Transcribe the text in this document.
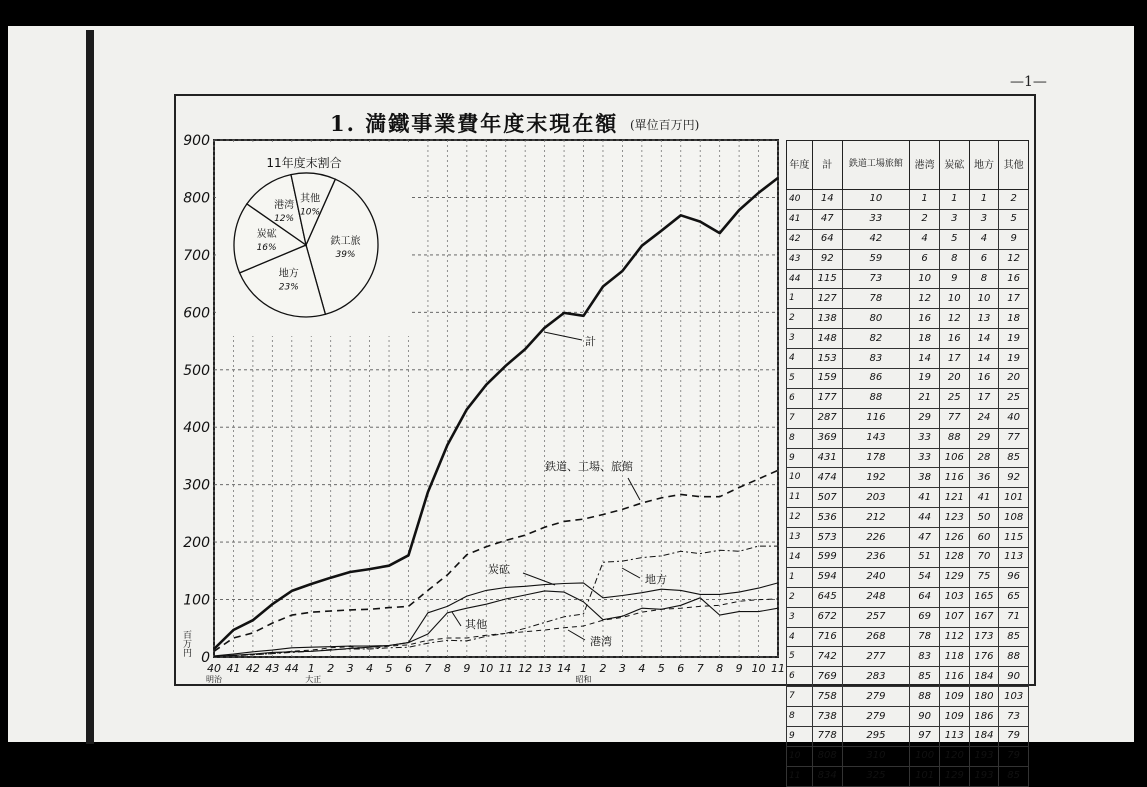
—1—
1. 満鐵事業費年度末現在額 (單位百万円)
0
100
200
300
400
500
600
700
800
900
百万円
40 41 42 43 44 1 2 3 4 5 6 7 8 9 10 11 12 13 14 1 2 3 4 5 6 7 8 9 10 11
明治	大正	昭和
計
鉄道、工場、旅館
炭砿
地方
其他
港湾
11年度末割合
鉄工旅
39%
地方
23%
炭砿
16%
港湾
12%
其他
10%
年度	計	鉄道工場旅館	港湾	炭砿	地方	其他
40	14	10	1	1	1	2
41	47	33	2	3	3	5
42	64	42	4	5	4	9
43	92	59	6	8	6	12
44	115	73	10	9	8	16
1	127	78	12	10	10	17
2	138	80	16	12	13	18
3	148	82	18	16	14	19
4	153	83	14	17	14	19
5	159	86	19	20	16	20
6	177	88	21	25	17	25
7	287	116	29	77	24	40
8	369	143	33	88	29	77
9	431	178	33	106	28	85
10	474	192	38	116	36	92
11	507	203	41	121	41	101
12	536	212	44	123	50	108
13	573	226	47	126	60	115
14	599	236	51	128	70	113
1	594	240	54	129	75	96
2	645	248	64	103	165	65
3	672	257	69	107	167	71
4	716	268	78	112	173	85
5	742	277	83	118	176	88
6	769	283	85	116	184	90
7	758	279	88	109	180	103
8	738	279	90	109	186	73
9	778	295	97	113	184	79
10	808	310	100	120	193	79
11	834	325	101	129	193	85
